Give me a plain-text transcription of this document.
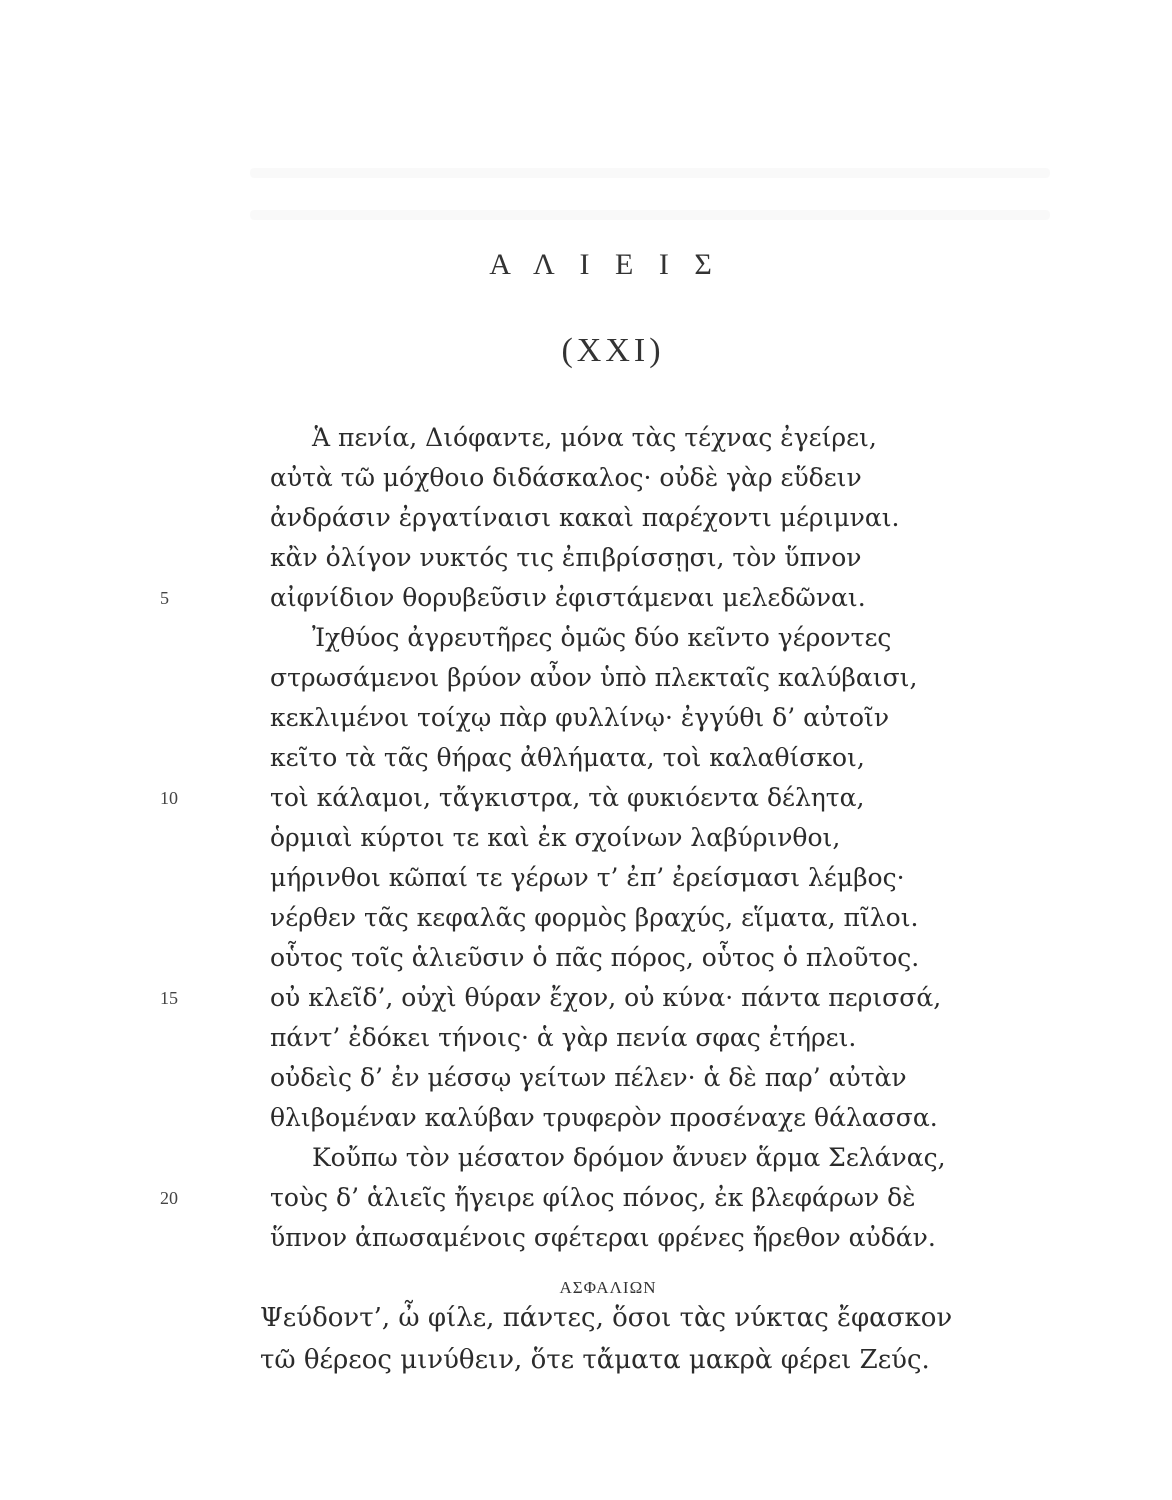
Α Λ Ι Ε Ι Σ
(XXI)
Ἁ πενία, Διόφαντε, μόνα τὰς τέχνας ἐγείρει,
αὐτὰ τῶ μόχθοιο διδάσκαλος· οὐδὲ γὰρ εὕδειν
ἀνδράσιν ἐργατίναισι κακαὶ παρέχοντι μέριμναι.
κἂν ὀλίγον νυκτός τις ἐπιβρίσσῃσι, τὸν ὕπνον
αἰφνίδιον θορυβεῦσιν ἐφιστάμεναι μελεδῶναι.
Ἰχθύος ἀγρευτῆρες ὁμῶς δύο κεῖντο γέροντες
στρωσάμενοι βρύον αὖον ὑπὸ πλεκταῖς καλύβαισι,
κεκλιμένοι τοίχῳ πὰρ φυλλίνῳ· ἐγγύθι δ’ αὐτοῖν
κεῖτο τὰ τᾶς θήρας ἀθλήματα, τοὶ καλαθίσκοι,
τοὶ κάλαμοι, τἄγκιστρα, τὰ φυκιόεντα δέλητα,
ὁρμιαὶ κύρτοι τε καὶ ἐκ σχοίνων λαβύρινθοι,
μήρινθοι κῶπαί τε γέρων τ’ ἐπ’ ἐρείσμασι λέμβος·
νέρθεν τᾶς κεφαλᾶς φορμὸς βραχύς, εἵματα, πῖλοι.
οὗτος τοῖς ἁλιεῦσιν ὁ πᾶς πόρος, οὗτος ὁ πλοῦτος.
οὐ κλεῖδ’, οὐχὶ θύραν ἔχον, οὐ κύνα· πάντα περισσά,
πάντ’ ἐδόκει τήνοις· ἁ γὰρ πενία σφας ἐτήρει.
οὐδεὶς δ’ ἐν μέσσῳ γείτων πέλεν· ἁ δὲ παρ’ αὐτὰν
θλιβομέναν καλύβαν τρυφερὸν προσέναχε θάλασσα.
Κοὔπω τὸν μέσατον δρόμον ἄνυεν ἅρμα Σελάνας,
τοὺς δ’ ἁλιεῖς ἤγειρε φίλος πόνος, ἐκ βλεφάρων δὲ
ὕπνον ἀπωσαμένοις σφέτεραι φρένες ἤρεθον αὐδάν.
5
10
15
20
ΑΣΦΑΛΙΩΝ
Ψεύδοντ’, ὦ φίλε, πάντες, ὅσοι τὰς νύκτας ἔφασκον
τῶ θέρεος μινύθειν, ὅτε τἄματα μακρὰ φέρει Ζεύς.
